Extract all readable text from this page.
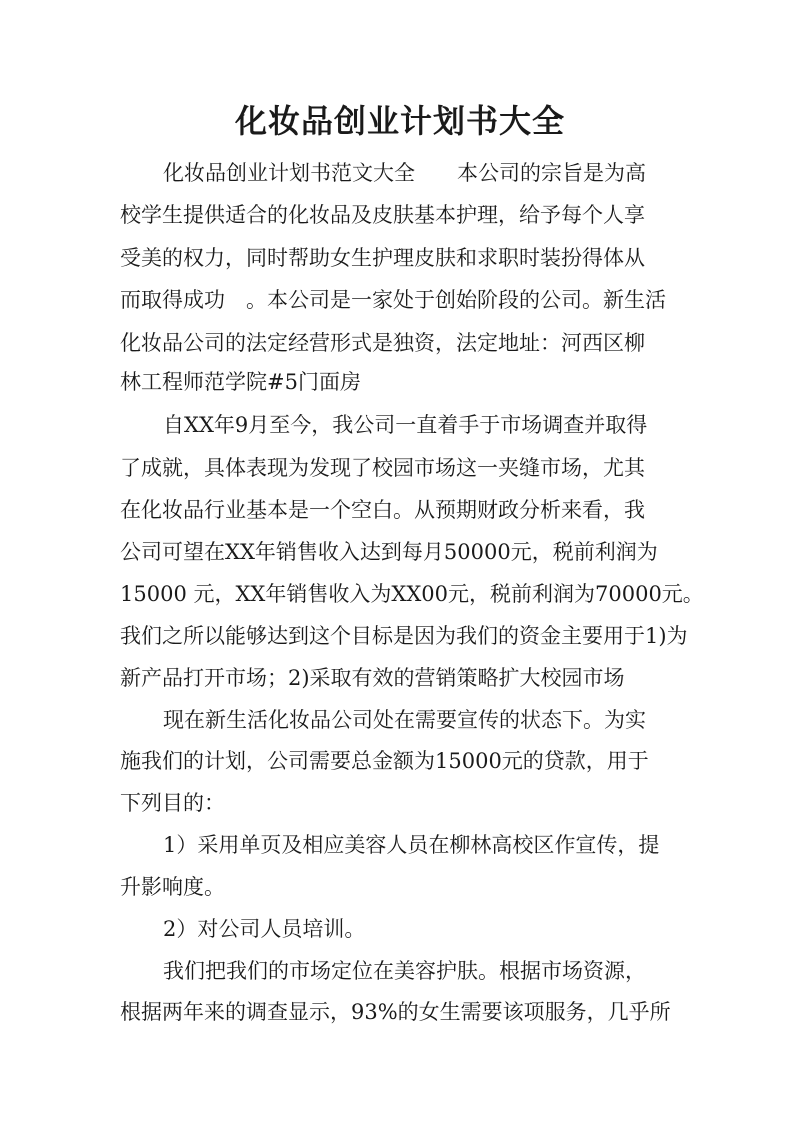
化妆品创业计划书大全
化妆品创业计划书范文大全　　本公司的宗旨是为高
校学生提供适合的化妆品及皮肤基本护理，给予每个人享
受美的权力，同时帮助女生护理皮肤和求职时装扮得体从
而取得成功　。本公司是一家处于创始阶段的公司。新生活
化妆品公司的法定经营形式是独资，法定地址：河西区柳
林工程师范学院#5门面房
自XX年9月至今，我公司一直着手于市场调查并取得
了成就，具体表现为发现了校园市场这一夹缝市场，尤其
在化妆品行业基本是一个空白。从预期财政分析来看，我
公司可望在XX年销售收入达到每月50000元，税前利润为
15000 元，XX年销售收入为XX00元，税前利润为70000元。
我们之所以能够达到这个目标是因为我们的资金主要用于1)为
新产品打开市场；2)采取有效的营销策略扩大校园市场
现在新生活化妆品公司处在需要宣传的状态下。为实
施我们的计划，公司需要总金额为15000元的贷款，用于
下列目的：
1）采用单页及相应美容人员在柳林高校区作宣传，提
升影响度。
2）对公司人员培训。
我们把我们的市场定位在美容护肤。根据市场资源，
根据两年来的调查显示，93%的女生需要该项服务，几乎所
